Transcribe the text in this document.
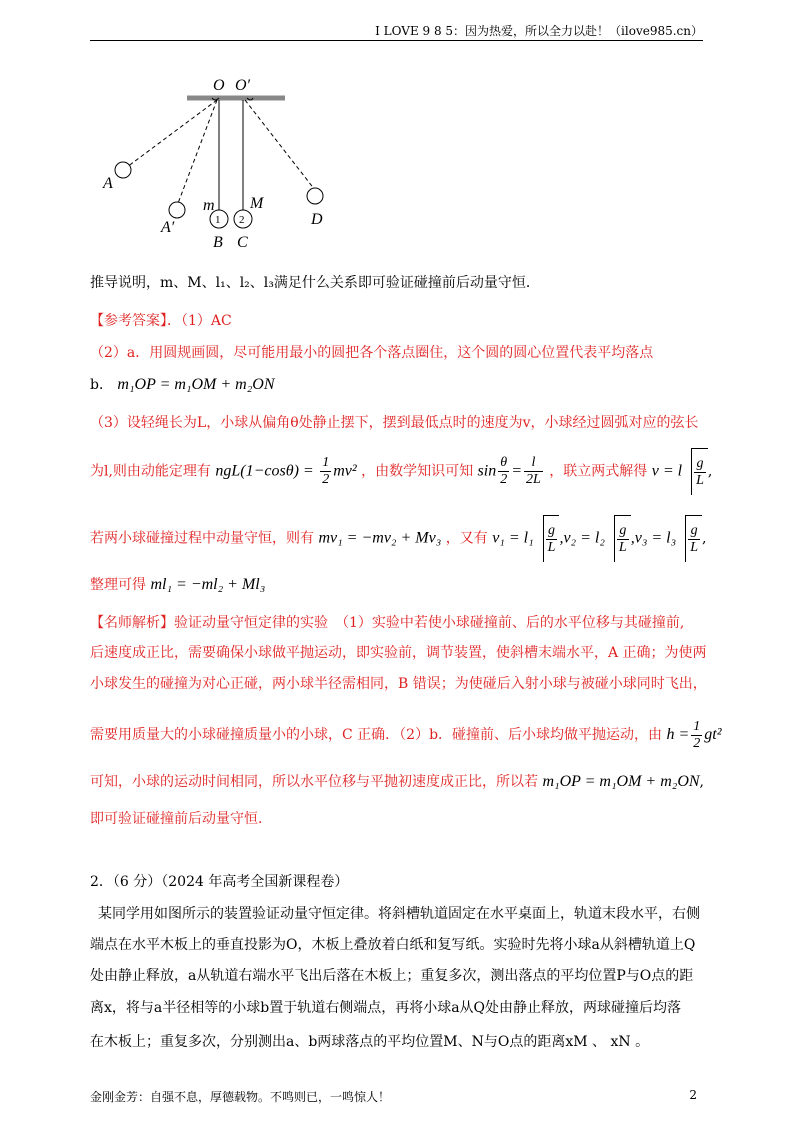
I LOVE 9 8 5：因为热爱，所以全力以赴！（ilove985.cn）
O O′
A
A′
m M
B C
D
1 2
推导说明，m、M、l₁、l₂、l₃满足什么关系即可验证碰撞前后动量守恒．
【参考答案】．（1）AC
（2）a．用圆规画圆，尽可能用最小的圆把各个落点圈住，这个圆的圆心位置代表平均落点
b． m₁OP = m₁OM + m₂ON
（3）设轻绳长为L，小球从偏角θ处静止摆下，摆到最低点时的速度为v，小球经过圆弧对应的弦长
为l,则由动能定理有 $ngL(1-\cos\theta) = \frac{1}{2} mv^2$ ，由数学知识可知 $\sin \frac{\theta}{2} = \frac{l}{2L}$ ，联立两式解得 v = l $\frac{g}{L}$ ,
若两小球碰撞过程中动量守恒，则有 mv₁ = −mv₂ + Mv₃ ，又有 $v_1 = l_1 \frac{g}{L} ,v_2 = l_2 \frac{g}{L} ,v_3 = l_3 \frac{g}{L}$ ,
整理可得 ml₁ = −ml₂ + Ml₃
【名师解析】验证动量守恒定律的实验　（1）实验中若使小球碰撞前、后的水平位移与其碰撞前,
后速度成正比，需要确保小球做平抛运动，即实验前，调节装置，使斜槽末端水平，A 正确；为使两
小球发生的碰撞为对心正碰，两小球半径需相同，B 错误；为使碰后入射小球与被碰小球同时飞出，
需要用质量大的小球碰撞质量小的小球，C 正确．（2）b．碰撞前、后小球均做平抛运动，由 $h = \frac{1}{2} gt^2$
可知，小球的运动时间相同，所以水平位移与平抛初速度成正比，所以若 m₁OP = m₁OM + m₂ON,
即可验证碰撞前后动量守恒．
2．（6 分）（2024 年高考全国新课程卷）
某同学用如图所示的装置验证动量守恒定律。将斜槽轨道固定在水平桌面上，轨道末段水平，右侧
端点在水平木板上的垂直投影为O，木板上叠放着白纸和复写纸。实验时先将小球a从斜槽轨道上Q
处由静止释放，a从轨道右端水平飞出后落在木板上；重复多次，测出落点的平均位置P与O点的距
离x，将与a半径相等的小球b置于轨道右侧端点，再将小球a从Q处由静止释放，两球碰撞后均落
在木板上；重复多次，分别测出a、b两球落点的平均位置M、N与O点的距离xM 、 xN 。
金刚金芳：自强不息，厚德载物。不鸣则已，一鸣惊人！	2
